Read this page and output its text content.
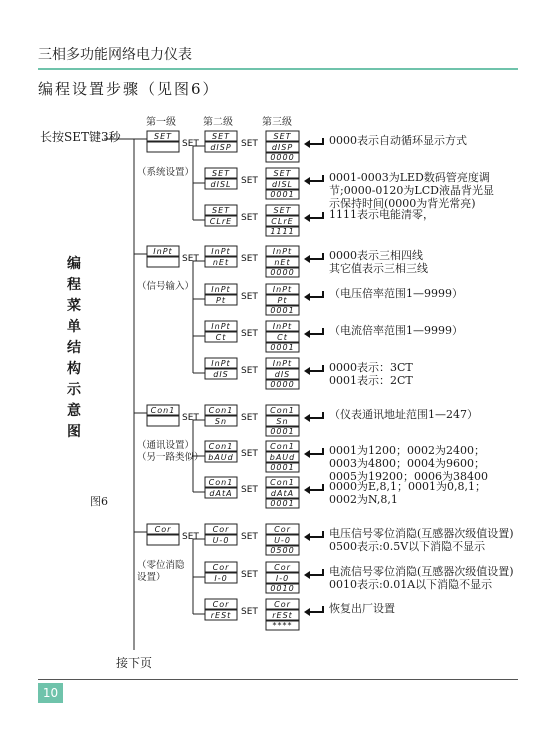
三相多功能网络电力仪表
编程设置步骤（见图6）
第一级	第二级	第三级
长按SET键3秒
编程菜单结构示意图
图6
接下页
SET
SET
SET
dISP SET
SET
dISP
0000
SET
dISL SET
SET
dISL
0001
SET
CLrE SET
SET
CLrE
1111
InPt
SET
InPt
nEt SET
InPt
nEt
0000
InPt
Pt SET
InPt
Pt
0001
InPt
Ct SET
InPt
Ct
0001
InPt
dIS SET
InPt
dIS
0000
Con1
SET
Con1
Sn SET
Con1
Sn
0001
Con1
bAUd SET
Con1
bAUd
0001
Con1
dAtA SET
Con1
dAtA
0001
Cor
SET
Cor
U-0 SET
Cor
U-0
0500
Cor
I-0 SET
Cor
I-0
0010
Cor
rESt SET
Cor
rESt
****
（系统设置）
0000表示自动循环显示方式
0001-0003为LED数码管亮度调
节;0000-0120为LCD液晶背光显
示保持时间(0000为背光常亮)
1111表示电能清零，
（信号输入）
0000表示三相四线
其它值表示三相三线
（电压倍率范围1—9999）
（电流倍率范围1—9999）
0000表示：3CT
0001表示：2CT
（通讯设置）
（另一路类似）
（仪表通讯地址范围1—247）
0001为1200；0002为2400；
0003为4800；0004为9600；
0005为19200；0006为38400
0000为E,8,1；0001为0,8,1；
0002为N,8,1
（零位消隐
设置）
电压信号零位消隐(互感器次级值设置)
0500表示:0.5V以下消隐不显示
电流信号零位消隐(互感器次级值设置)
0010表示:0.01A以下消隐不显示
恢复出厂设置
10
